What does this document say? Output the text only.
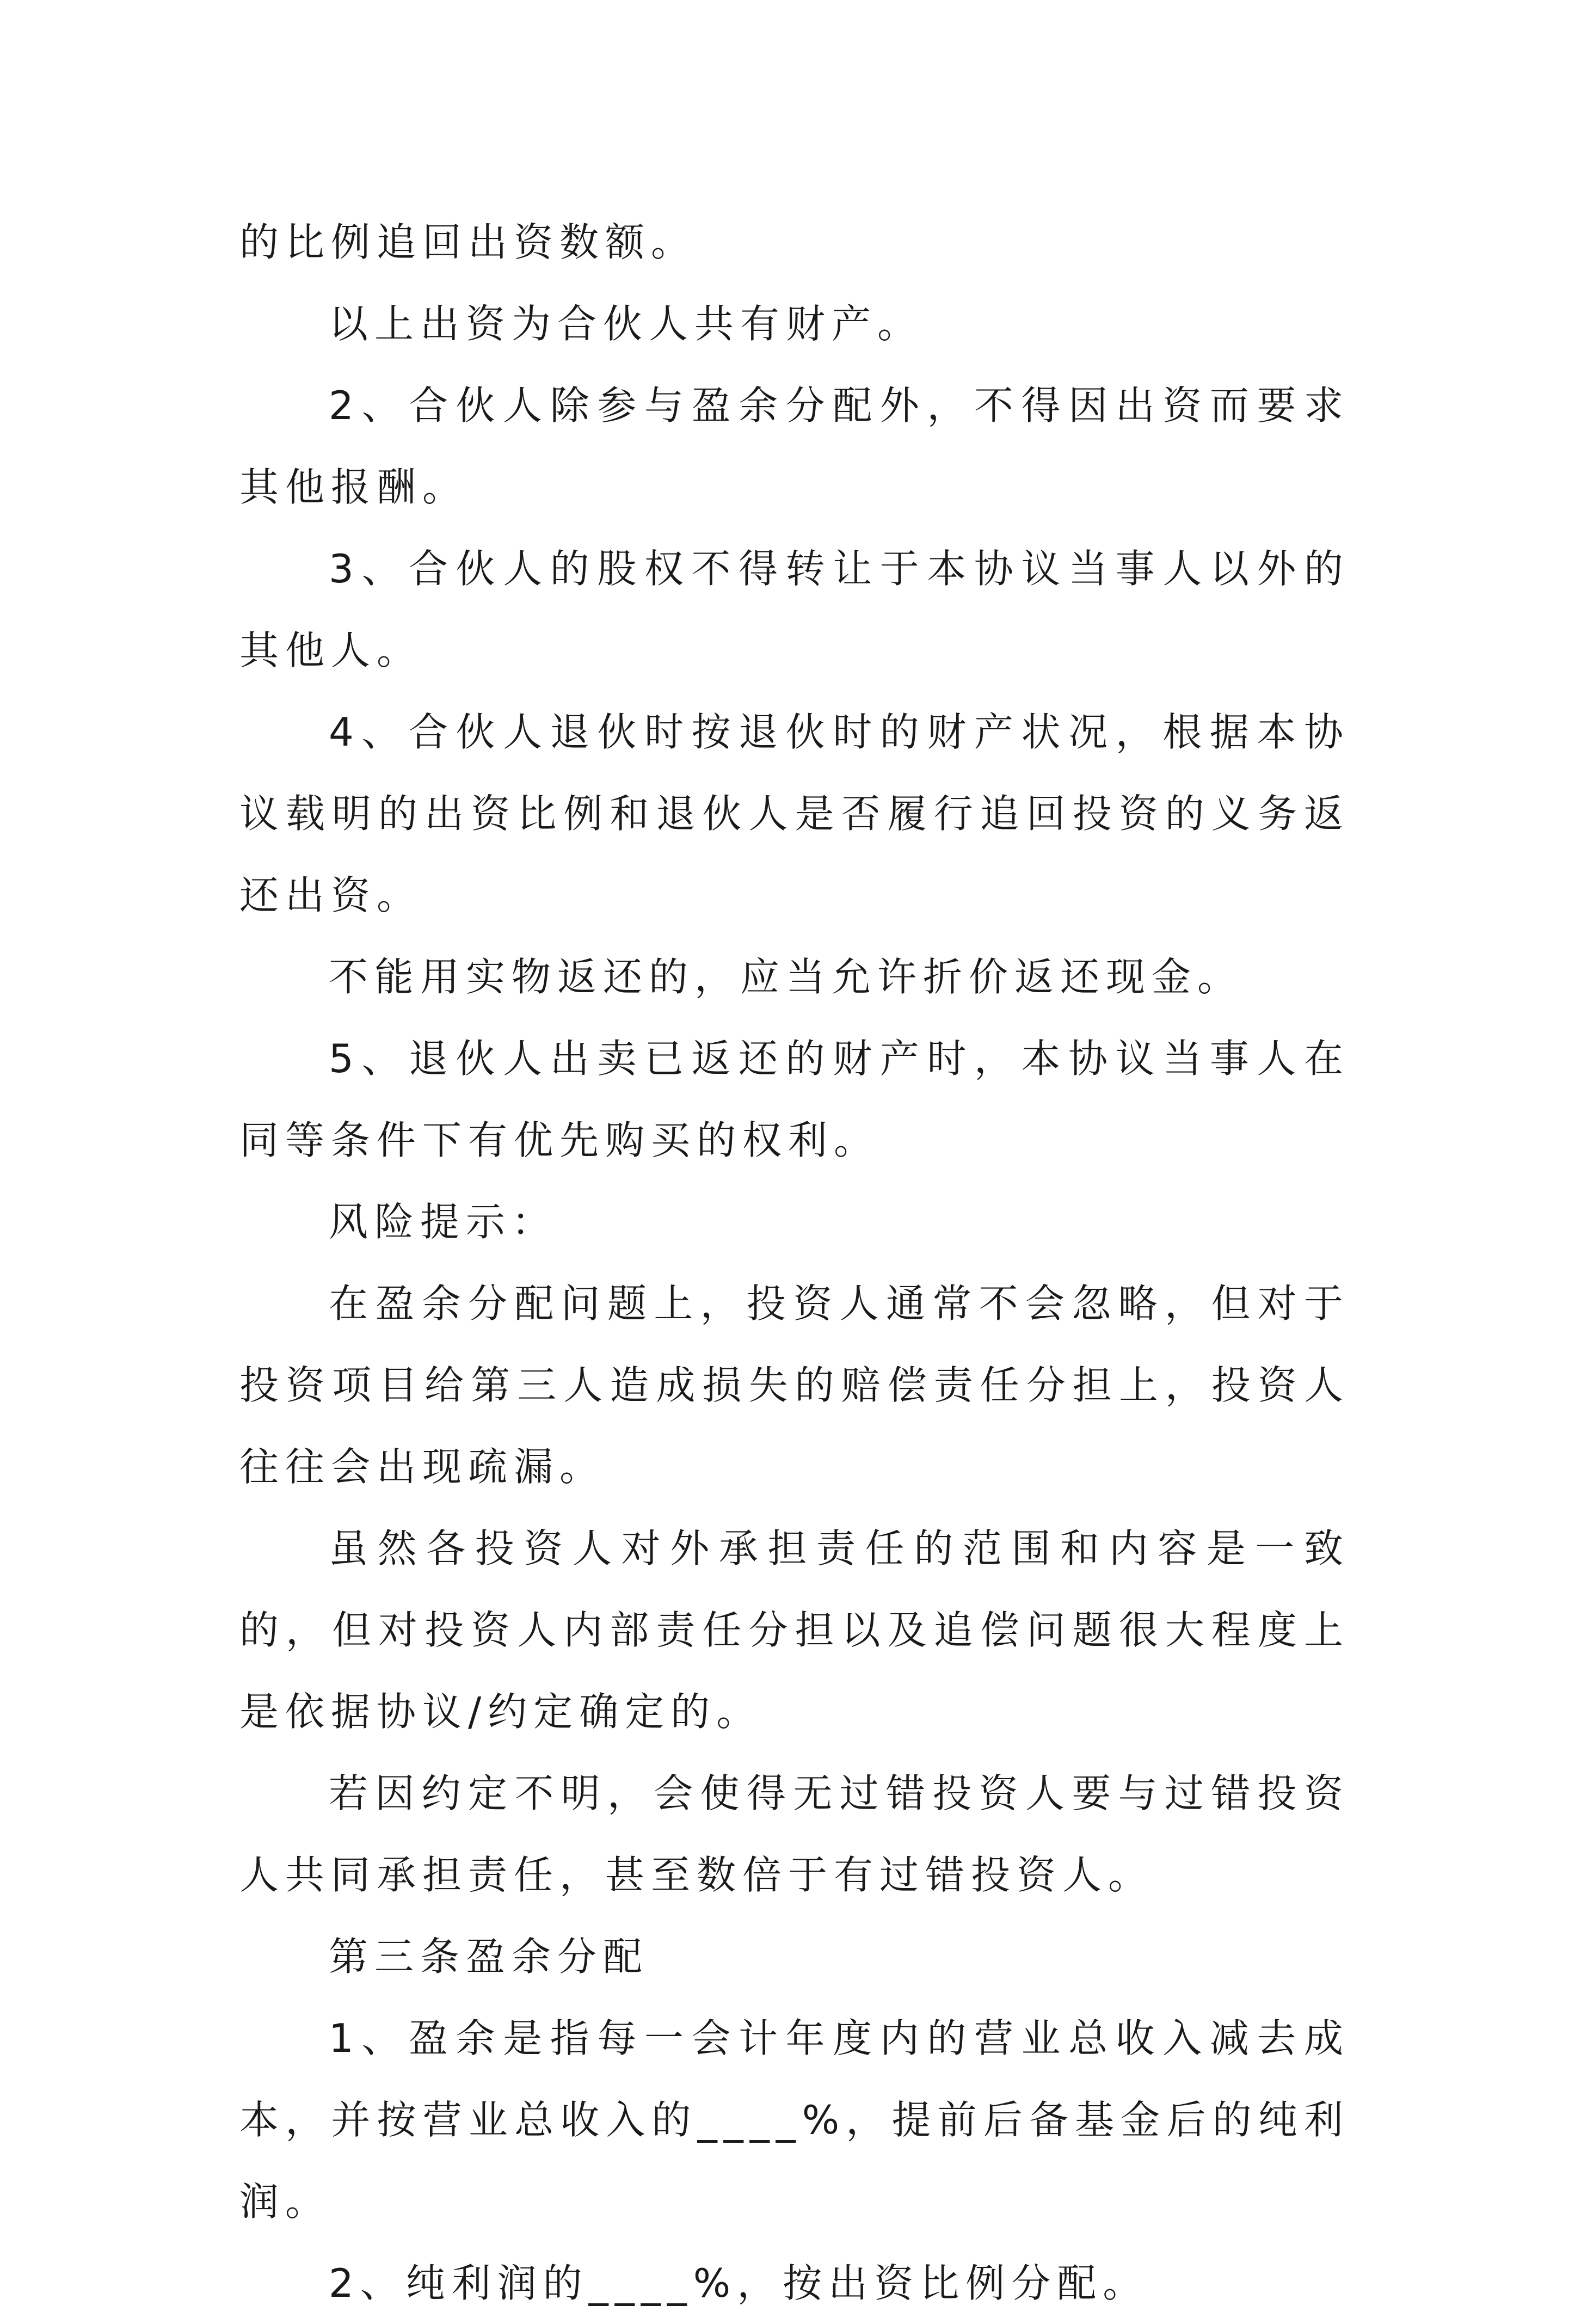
的比例追回出资数额。

以上出资为合伙人共有财产。

2、合伙人除参与盈余分配外，不得因出资而要求其他报酬。

3、合伙人的股权不得转让于本协议当事人以外的其他人。

4、合伙人退伙时按退伙时的财产状况，根据本协议载明的出资比例和退伙人是否履行追回投资的义务返还出资。

不能用实物返还的，应当允许折价返还现金。

5、退伙人出卖已返还的财产时，本协议当事人在同等条件下有优先购买的权利。

风险提示：

在盈余分配问题上，投资人通常不会忽略，但对于投资项目给第三人造成损失的赔偿责任分担上，投资人往往会出现疏漏。

虽然各投资人对外承担责任的范围和内容是一致的，但对投资人内部责任分担以及追偿问题很大程度上是依据协议/约定确定的。

若因约定不明，会使得无过错投资人要与过错投资人共同承担责任，甚至数倍于有过错投资人。

第三条盈余分配

1、盈余是指每一会计年度内的营业总收入减去成本，并按营业总收入的____%，提前后备基金后的纯利润。

2、纯利润的____%，按出资比例分配。
